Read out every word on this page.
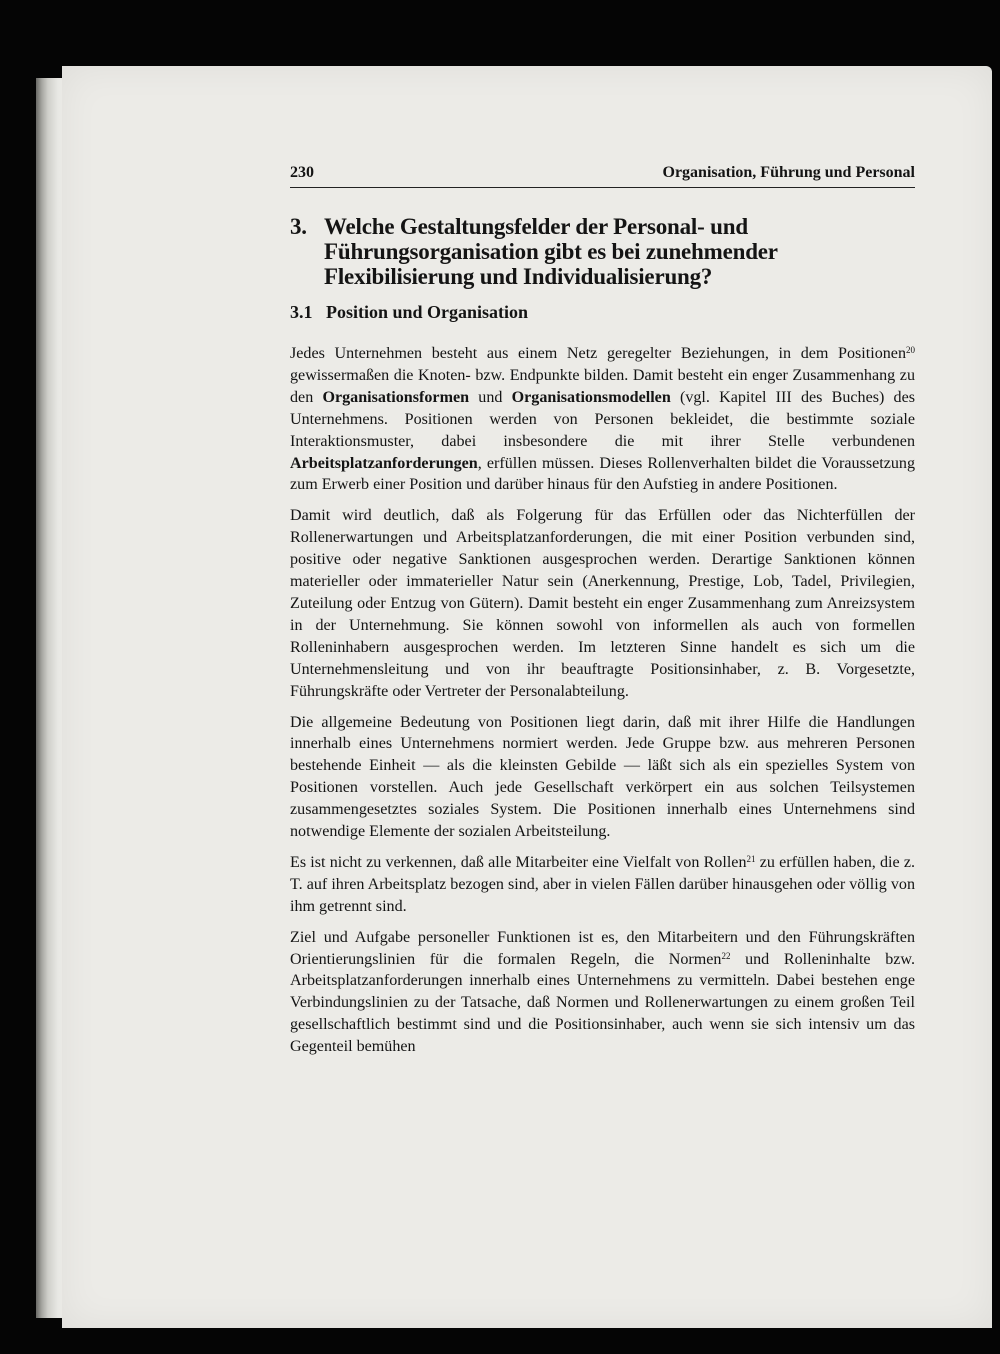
230	Organisation, Führung und Personal
3. Welche Gestaltungsfelder der Personal- und Führungsorganisation gibt es bei zunehmender Flexibilisierung und Individualisierung?
3.1 Position und Organisation

Jedes Unternehmen besteht aus einem Netz geregelter Beziehungen, in dem Positionen$^{20}$ gewissermaßen die Knoten- bzw. Endpunkte bilden. Damit besteht ein enger Zusammenhang zu den Organisationsformen und Organisationsmodellen (vgl. Kapitel III des Buches) des Unternehmens. Positionen werden von Personen bekleidet, die bestimmte soziale Interaktionsmuster, dabei insbesondere die mit ihrer Stelle verbundenen Arbeitsplatzanforderungen, erfüllen müssen. Dieses Rollenverhalten bildet die Voraussetzung zum Erwerb einer Position und darüber hinaus für den Aufstieg in andere Positionen.

Damit wird deutlich, daß als Folgerung für das Erfüllen oder das Nichterfüllen der Rollenerwartungen und Arbeitsplatzanforderungen, die mit einer Position verbunden sind, positive oder negative Sanktionen ausgesprochen werden. Derartige Sanktionen können materieller oder immaterieller Natur sein (Anerkennung, Prestige, Lob, Tadel, Privilegien, Zuteilung oder Entzug von Gütern). Damit besteht ein enger Zusammenhang zum Anreizsystem in der Unternehmung. Sie können sowohl von informellen als auch von formellen Rolleninhabern ausgesprochen werden. Im letzteren Sinne handelt es sich um die Unternehmensleitung und von ihr beauftragte Positionsinhaber, z. B. Vorgesetzte, Führungskräfte oder Vertreter der Personalabteilung.

Die allgemeine Bedeutung von Positionen liegt darin, daß mit ihrer Hilfe die Handlungen innerhalb eines Unternehmens normiert werden. Jede Gruppe bzw. aus mehreren Personen bestehende Einheit — als die kleinsten Gebilde — läßt sich als ein spezielles System von Positionen vorstellen. Auch jede Gesellschaft verkörpert ein aus solchen Teilsystemen zusammengesetztes soziales System. Die Positionen innerhalb eines Unternehmens sind notwendige Elemente der sozialen Arbeitsteilung.

Es ist nicht zu verkennen, daß alle Mitarbeiter eine Vielfalt von Rollen$^{21}$ zu erfüllen haben, die z. T. auf ihren Arbeitsplatz bezogen sind, aber in vielen Fällen darüber hinausgehen oder völlig von ihm getrennt sind.

Ziel und Aufgabe personeller Funktionen ist es, den Mitarbeitern und den Führungskräften Orientierungslinien für die formalen Regeln, die Normen$^{22}$ und Rolleninhalte bzw. Arbeitsplatzanforderungen innerhalb eines Unternehmens zu vermitteln. Dabei bestehen enge Verbindungslinien zu der Tatsache, daß Normen und Rollenerwartungen zu einem großen Teil gesellschaftlich bestimmt sind und die Positionsinhaber, auch wenn sie sich intensiv um das Gegenteil bemühen
